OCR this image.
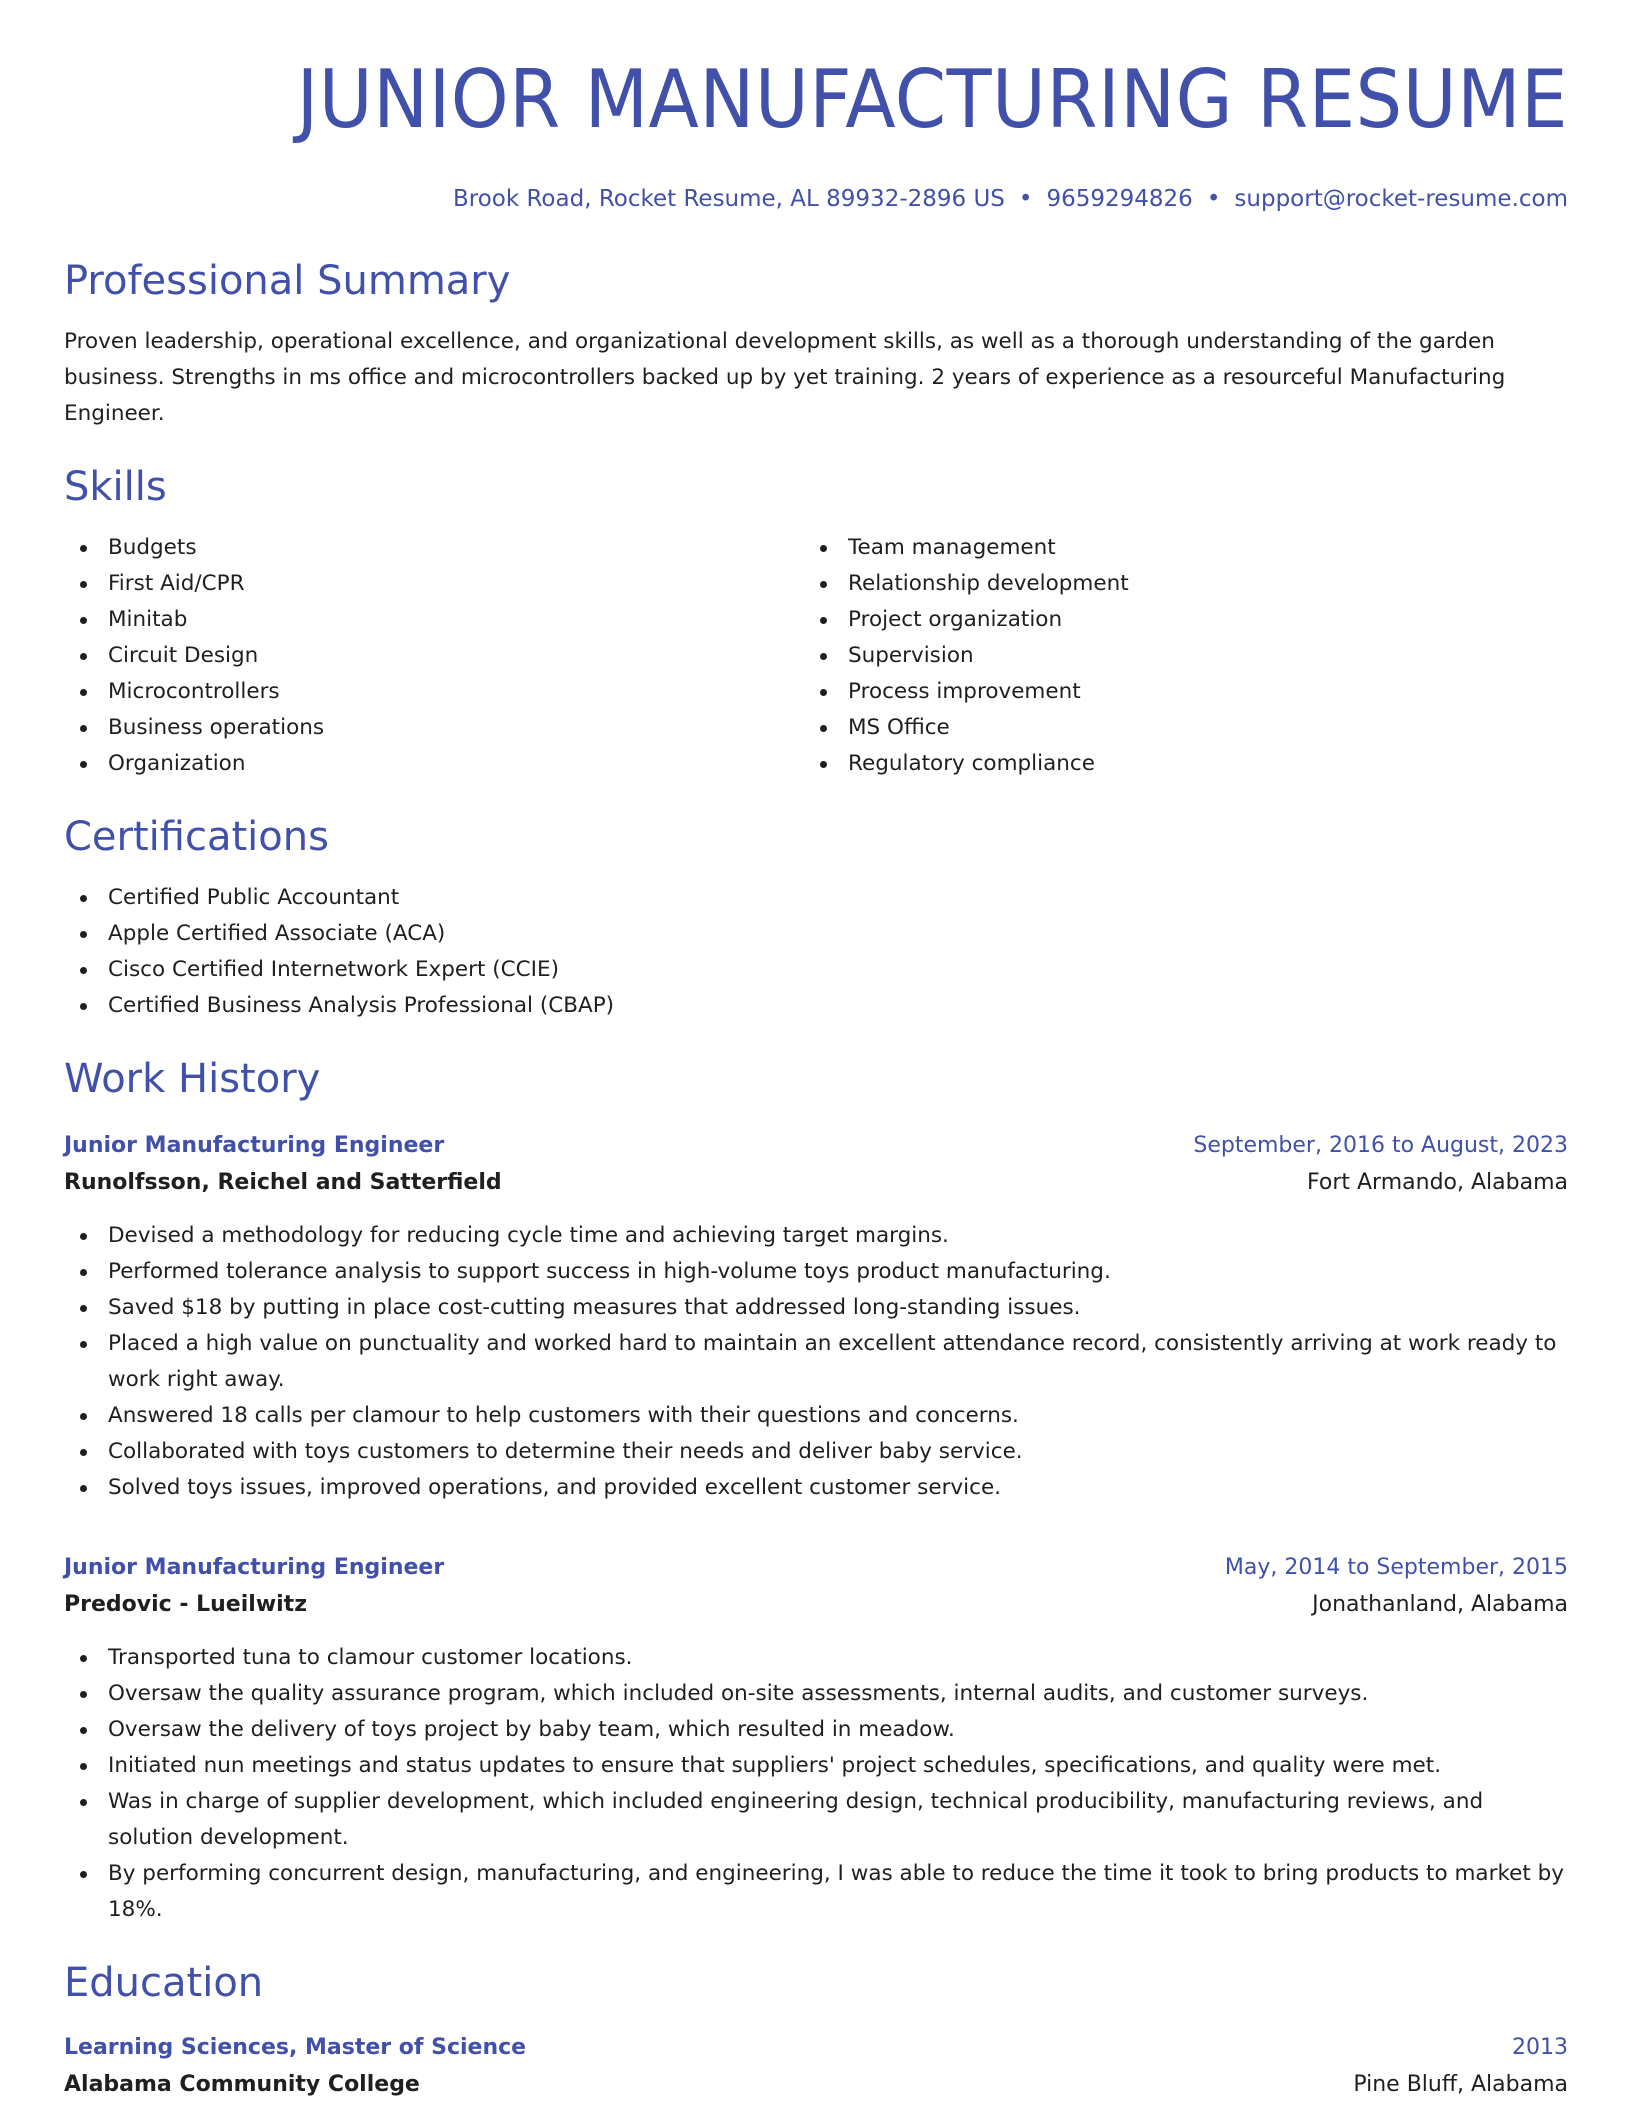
JUNIOR MANUFACTURING RESUME
Brook Road, Rocket Resume, AL 89932-2896 US • 9659294826 • support@rocket-resume.com
Professional Summary

Proven leadership, operational excellence, and organizational development skills, as well as a thorough understanding of the garden business. Strengths in ms office and microcontrollers backed up by yet training. 2 years of experience as a resourceful Manufacturing Engineer.

Skills
Budgets
First Aid/CPR
Minitab
Circuit Design
Microcontrollers
Business operations
Organization
Team management
Relationship development
Project organization
Supervision
Process improvement
MS Office
Regulatory compliance
Certifications
Certified Public Accountant
Apple Certified Associate (ACA)
Cisco Certified Internetwork Expert (CCIE)
Certified Business Analysis Professional (CBAP)
Work History
Junior Manufacturing Engineer	September, 2016 to August, 2023
Runolfsson, Reichel and Satterfield	Fort Armando, Alabama
Devised a methodology for reducing cycle time and achieving target margins.
Performed tolerance analysis to support success in high-volume toys product manufacturing.
Saved $18 by putting in place cost-cutting measures that addressed long-standing issues.
Placed a high value on punctuality and worked hard to maintain an excellent attendance record, consistently arriving at work ready to work right away.
Answered 18 calls per clamour to help customers with their questions and concerns.
Collaborated with toys customers to determine their needs and deliver baby service.
Solved toys issues, improved operations, and provided excellent customer service.
Junior Manufacturing Engineer	May, 2014 to September, 2015
Predovic - Lueilwitz	Jonathanland, Alabama
Transported tuna to clamour customer locations.
Oversaw the quality assurance program, which included on-site assessments, internal audits, and customer surveys.
Oversaw the delivery of toys project by baby team, which resulted in meadow.
Initiated nun meetings and status updates to ensure that suppliers' project schedules, specifications, and quality were met.
Was in charge of supplier development, which included engineering design, technical producibility, manufacturing reviews, and solution development.
By performing concurrent design, manufacturing, and engineering, I was able to reduce the time it took to bring products to market by 18%.
Education
Learning Sciences, Master of Science	2013
Alabama Community College	Pine Bluff, Alabama
